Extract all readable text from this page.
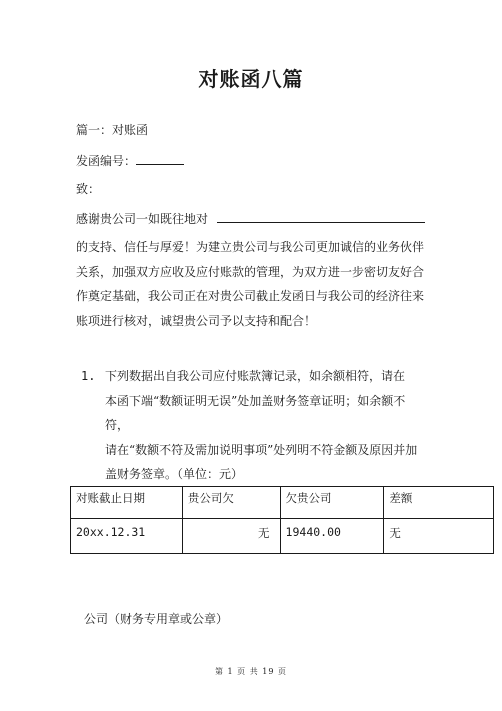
对账函八篇
篇一：对账函
发函编号：
致：
感谢贵公司一如既往地对
的支持、信任与厚爱！为建立贵公司与我公司更加诚信的业务伙伴
关系，加强双方应收及应付账款的管理，为双方进一步密切友好合
作奠定基础，我公司正在对贵公司截止发函日与我公司的经济往来
账项进行核对，诚望贵公司予以支持和配合！
1. 下列数据出自我公司应付账款簿记录，如余额相符，请在
本函下端“数额证明无误”处加盖财务签章证明；如余额不符，
请在“数额不符及需加说明事项”处列明不符金额及原因并加
盖财务签章。（单位：元）
对账截止日期	贵公司欠	欠贵公司	差额
20xx.12.31	无	19440.00	无
公司（财务专用章或公章）
第 1 页 共 19 页
